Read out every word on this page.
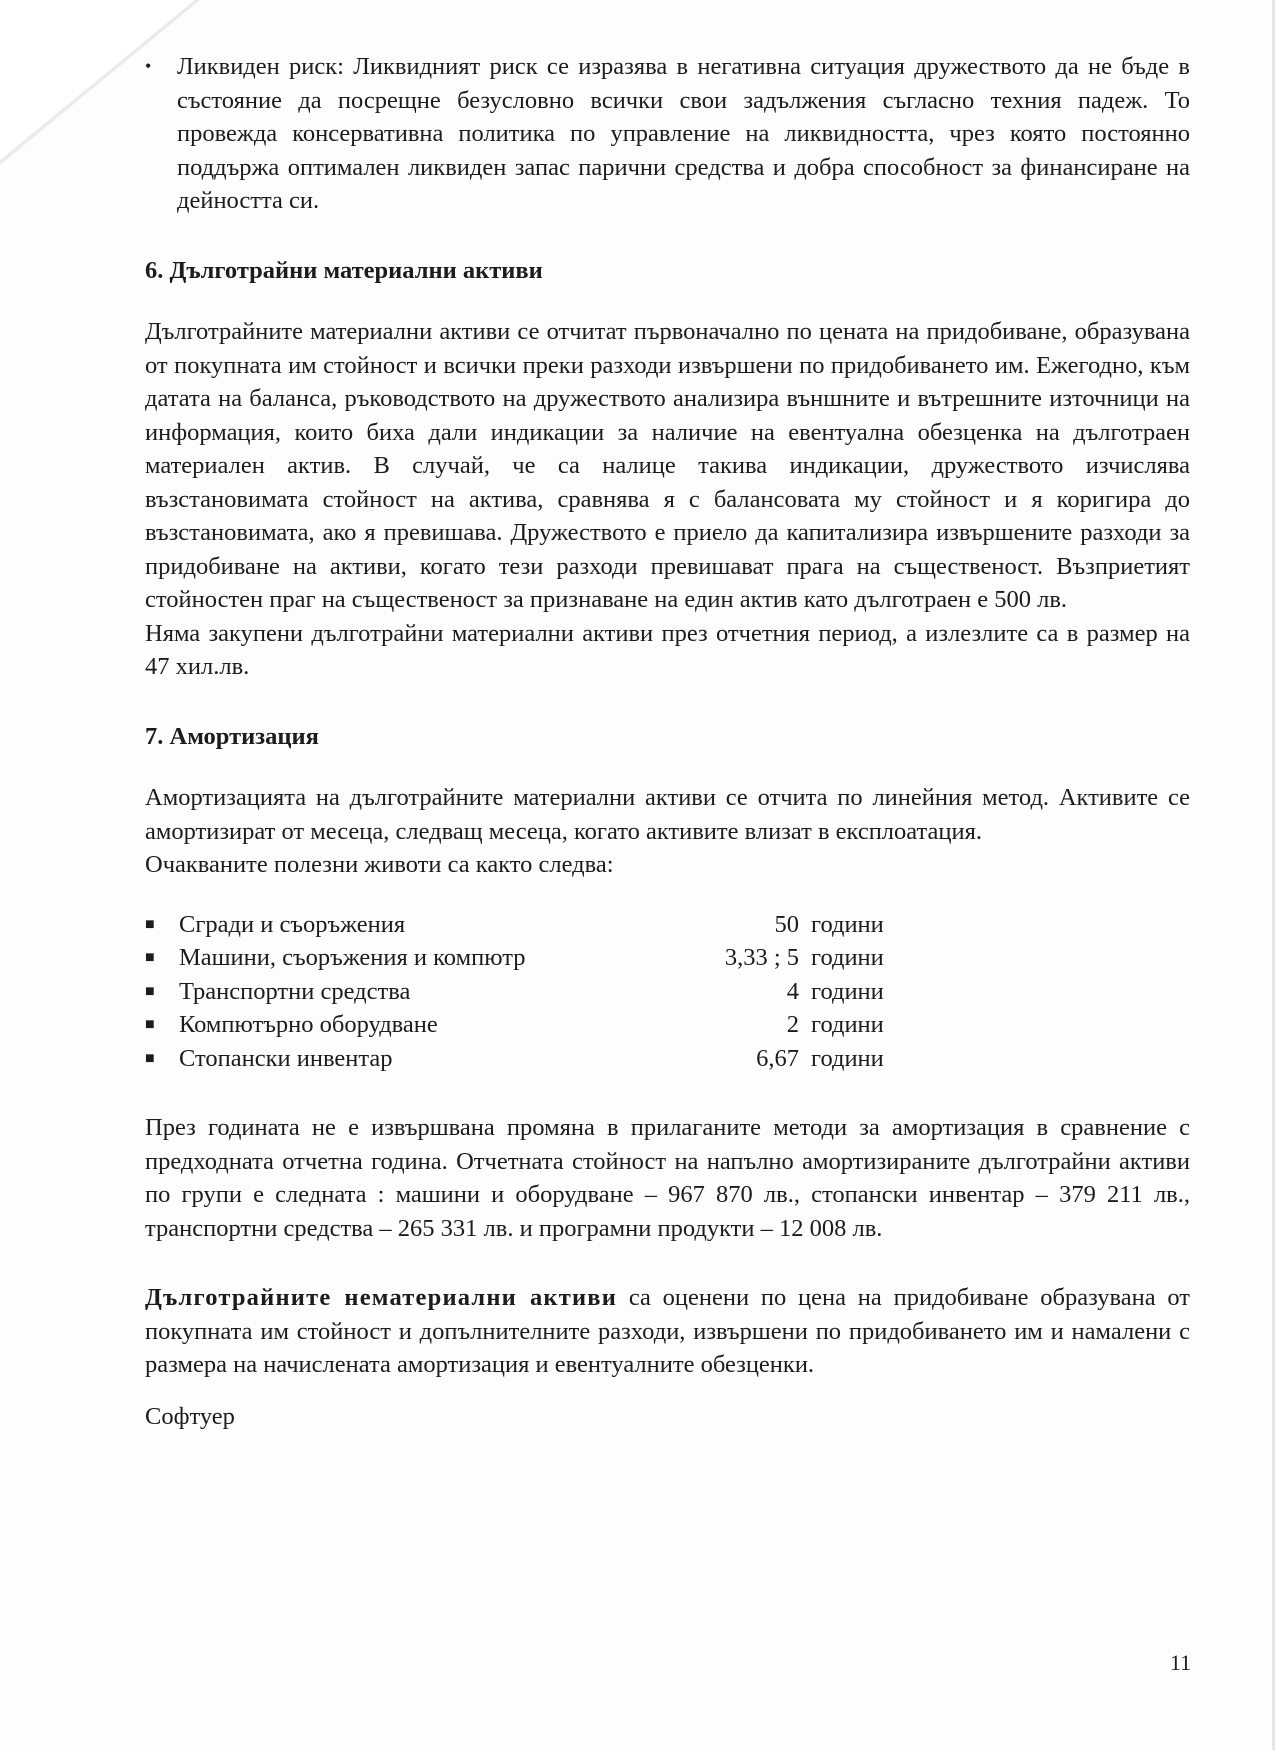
• Ликвиден риск: Ликвидният риск се изразява в негативна ситуация дружеството да не бъде в състояние да посрещне безусловно всички свои задължения съгласно техния падеж. То провежда консервативна политика по управление на ликвидността, чрез която постоянно поддържа оптимален ликвиден запас парични средства и добра способност за финансиране на дейността си.

6. Дълготрайни материални активи

Дълготрайните материални активи се отчитат първоначално по цената на придобиване, образувана от покупната им стойност и всички преки разходи извършени по придобиването им. Ежегодно, към датата на баланса, ръководството на дружеството анализира външните и вътрешните източници на информация, които биха дали индикации за наличие на евентуална обезценка на дълготраен материален актив. В случай, че са налице такива индикации, дружеството изчислява възстановимата стойност на актива, сравнява я с балансовата му стойност и я коригира до възстановимата, ако я превишава. Дружеството е приело да капитализира извършените разходи за придобиване на активи, когато тези разходи превишават прага на същественост. Възприетият стойностен праг на същественост за признаване на един актив като дълготраен е 500 лв.

Няма закупени дълготрайни материални активи през отчетния период, а излезлите са в размер на 47 хил.лв.

7. Амортизация

Амортизацията на дълготрайните материални активи се отчита по линейния метод. Активите се амортизират от месеца, следващ месеца, когато активите влизат в експлоатация.

Очакваните полезни животи са както следва:

■	Сгради и съоръжения	50	години
■	Машини, съоръжения и компютр	3,33 ; 5	години
■	Транспортни средства	4	години
■	Компютърно оборудване	2	години
■	Стопански инвентар	6,67	години

През годината не е извършвана промяна в прилаганите методи за амортизация в сравнение с предходната отчетна година. Отчетната стойност на напълно амортизираните дълготрайни активи по групи е следната : машини и оборудване – 967 870 лв., стопански инвентар – 379 211 лв., транспортни средства – 265 331 лв. и програмни продукти – 12 008 лв.

Дълготрайните нематериални активи са оценени по цена на придобиване образувана от покупната им стойност и допълнителните разходи, извършени по придобиването им и намалени с размера на начислената амортизация и евентуалните обезценки.

Софтуер

11
